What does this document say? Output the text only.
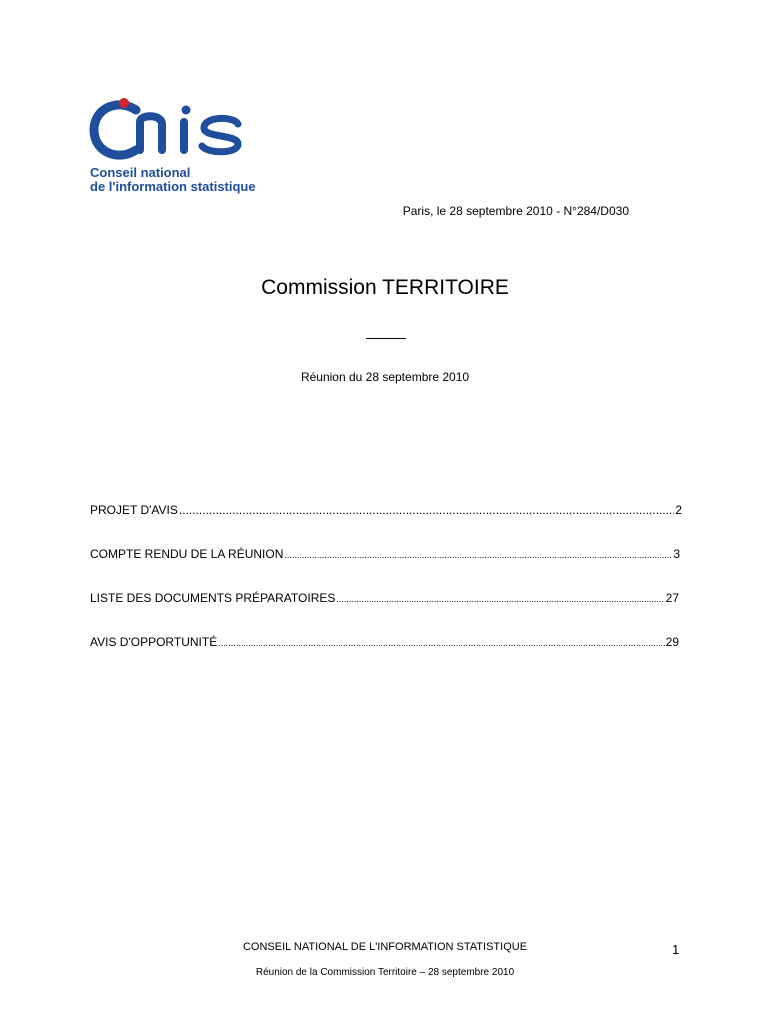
Conseil national
de l'information statistique
Paris, le 28 septembre 2010 - N°284/D030
Commission TERRITOIRE
Réunion du 28 septembre 2010
PROJET D'AVIS .....	2
COMPTE RENDU DE LA RÉUNION .....	3
LISTE DES DOCUMENTS PRÉPARATOIRES .....	27
AVIS D'OPPORTUNITÉ .....	29
CONSEIL NATIONAL DE L'INFORMATION STATISTIQUE	1
Réunion de la Commission Territoire – 28 septembre 2010
